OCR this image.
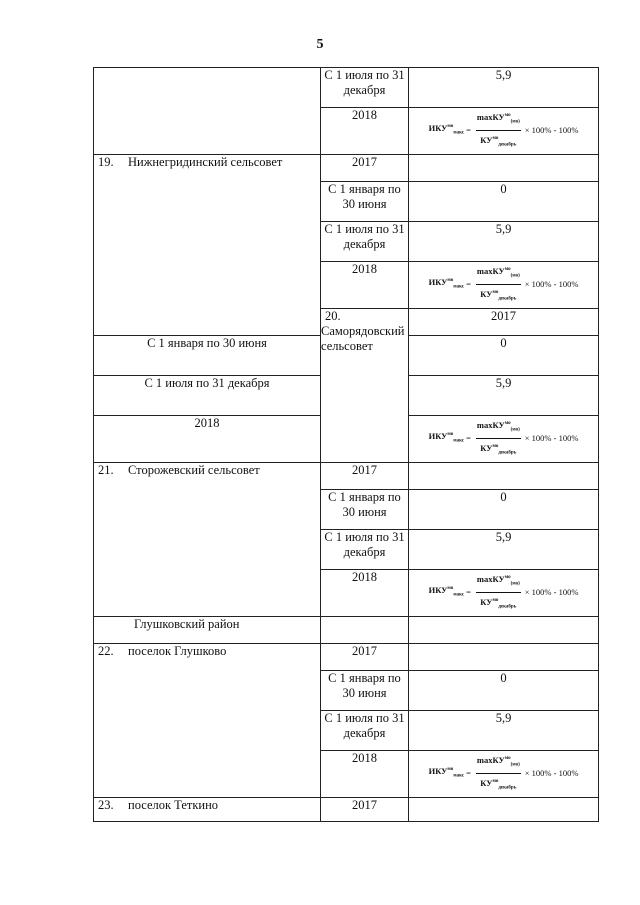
5
	С 1 июля по 31 декабря	5,9	
	2018	$ИКУ^{мо}_{макс} = \frac{\max КУ^{мо}_{(мо)}}{КУ^{мо}_{декабрь}} \times 100\% - 100\%$	

19. Нижнегридинский сельсовет	2017		
	С 1 января по 30 июня	0	
	С 1 июля по 31 декабря	5,9	
	2018	$ИКУ^{мо}_{макс} = \frac{\max КУ^{мо}_{(мо)}}{КУ^{мо}_{декабрь}} \times 100\% - 100\%$	

	20.Саморядовский сельсовет	2017	
С 1 января по 30 июня		0	
С 1 июля по 31 декабря		5,9	
2018		$ИКУ^{мо}_{макс} = \frac{\max КУ^{мо}_{(мо)}}{КУ^{мо}_{декабрь}} \times 100\% - 100\%$	

21. Сторожевский сельсовет	2017		
	С 1 января по 30 июня	0	
	С 1 июля по 31 декабря	5,9	
	2018	$ИКУ^{мо}_{макс} = \frac{\max КУ^{мо}_{(мо)}}{КУ^{мо}_{декабрь}} \times 100\% - 100\%$	

Глушковский район			
22. поселок Глушково	2017		
	С 1 января по 30 июня	0	
	С 1 июля по 31 декабря	5,9	
	2018	$ИКУ^{мо}_{макс} = \frac{\max КУ^{мо}_{(мо)}}{КУ^{мо}_{декабрь}} \times 100\% - 100\%$	

23. поселок Теткино	2017		
